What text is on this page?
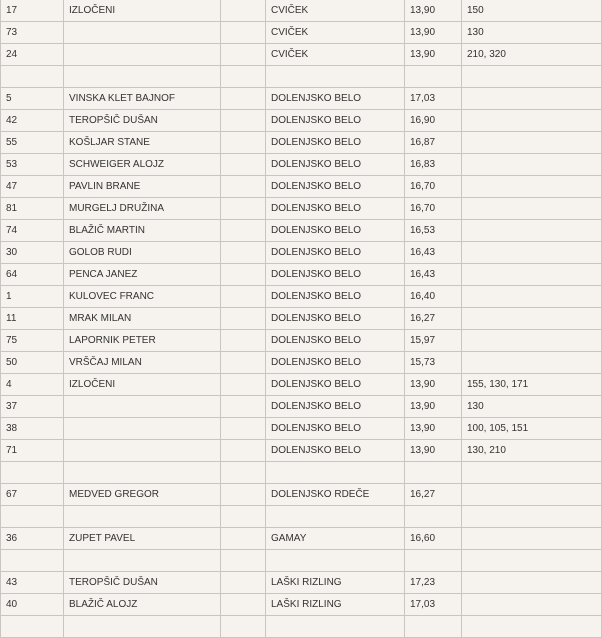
17	IZLOČENI		CVIČEK	13,90	150
73			CVIČEK	13,90	130
24			CVIČEK	13,90	210, 320

5	VINSKA KLET BAJNOF		DOLENJSKO BELO	17,03	
42	TEROPŠIČ DUŠAN		DOLENJSKO BELO	16,90	
55	KOŠLJAR STANE		DOLENJSKO BELO	16,87	
53	SCHWEIGER ALOJZ		DOLENJSKO BELO	16,83	
47	PAVLIN BRANE		DOLENJSKO BELO	16,70	
81	MURGELJ DRUŽINA		DOLENJSKO BELO	16,70	
74	BLAŽIČ MARTIN		DOLENJSKO BELO	16,53	
30	GOLOB RUDI		DOLENJSKO BELO	16,43	
64	PENCA JANEZ		DOLENJSKO BELO	16,43	
1	KULOVEC FRANC		DOLENJSKO BELO	16,40	
11	MRAK MILAN		DOLENJSKO BELO	16,27	
75	LAPORNIK PETER		DOLENJSKO BELO	15,97	
50	VRŠČAJ MILAN		DOLENJSKO BELO	15,73	
4	IZLOČENI		DOLENJSKO BELO	13,90	155, 130, 171
37			DOLENJSKO BELO	13,90	130
38			DOLENJSKO BELO	13,90	100, 105, 151
71			DOLENJSKO BELO	13,90	130, 210

67	MEDVED GREGOR		DOLENJSKO RDEČE	16,27	

36	ZUPET PAVEL		GAMAY	16,60	

43	TEROPŠIČ DUŠAN		LAŠKI RIZLING	17,23	
40	BLAŽIČ ALOJZ		LAŠKI RIZLING	17,03	
